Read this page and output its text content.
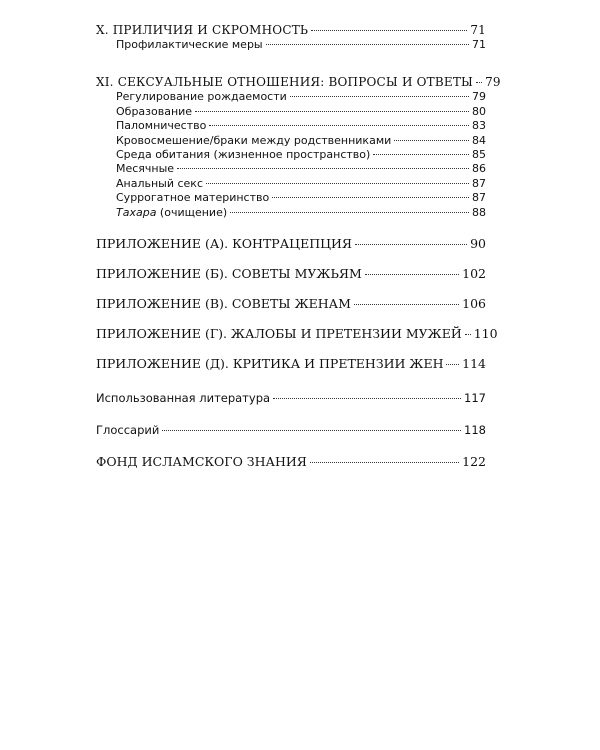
X. ПРИЛИЧИЯ И СКРОМНОСТЬ	71
Профилактические меры	71
XI. СЕКСУАЛЬНЫЕ ОТНОШЕНИЯ: ВОПРОСЫ И ОТВЕТЫ 79
Регулирование рождаемости	79
Образование	80
Паломничество	83
Кровосмешение/браки между родственниками	84
Среда обитания (жизненное пространство)	85
Месячные	86
Анальный секс	87
Суррогатное материнство	87
Тахара (очищение)	88
ПРИЛОЖЕНИЕ (А). КОНТРАЦЕПЦИЯ	90
ПРИЛОЖЕНИЕ (Б). СОВЕТЫ МУЖЬЯМ	102
ПРИЛОЖЕНИЕ (В). СОВЕТЫ ЖЕНАМ	106
ПРИЛОЖЕНИЕ (Г). ЖАЛОБЫ И ПРЕТЕНЗИИ МУЖЕЙ 110
ПРИЛОЖЕНИЕ (Д). КРИТИКА И ПРЕТЕНЗИИ ЖЕН 114
Использованная литература	117
Глоссарий	118
ФОНД ИСЛАМСКОГО ЗНАНИЯ	122
